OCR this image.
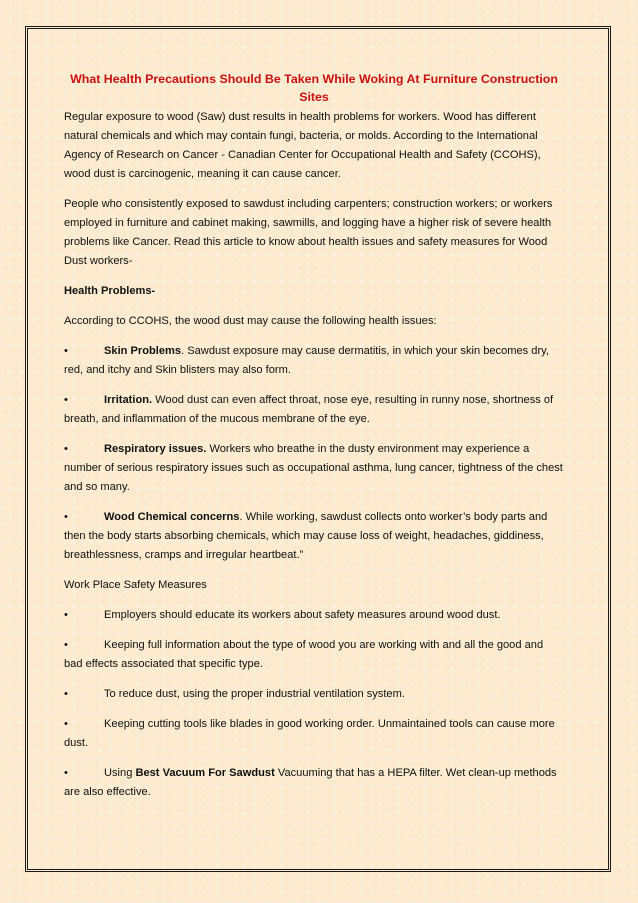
What Health Precautions Should Be Taken While Woking At Furniture Construction Sites

Regular exposure to wood (Saw) dust results in health problems for workers. Wood has different natural chemicals and which may contain fungi, bacteria, or molds. According to the International Agency of Research on Cancer - Canadian Center for Occupational Health and Safety (CCOHS), wood dust is carcinogenic, meaning it can cause cancer.

People who consistently exposed to sawdust including carpenters; construction workers; or workers employed in furniture and cabinet making, sawmills, and logging have a higher risk of severe health problems like Cancer. Read this article to know about health issues and safety measures for Wood Dust workers-

Health Problems-

According to CCOHS, the wood dust may cause the following health issues:

•	Skin Problems. Sawdust exposure may cause dermatitis, in which your skin becomes dry, red, and itchy and Skin blisters may also form.

•	Irritation. Wood dust can even affect throat, nose eye, resulting in runny nose, shortness of breath, and inflammation of the mucous membrane of the eye.

•	Respiratory issues. Workers who breathe in the dusty environment may experience a number of serious respiratory issues such as occupational asthma, lung cancer, tightness of the chest and so many.

•	Wood Chemical concerns. While working, sawdust collects onto worker’s body parts and then the body starts absorbing chemicals, which may cause loss of weight, headaches, giddiness, breathlessness, cramps and irregular heartbeat.”

Work Place Safety Measures

•	Employers should educate its workers about safety measures around wood dust.

•	Keeping full information about the type of wood you are working with and all the good and bad effects associated that specific type.

•	To reduce dust, using the proper industrial ventilation system.

•	Keeping cutting tools like blades in good working order. Unmaintained tools can cause more dust.

•	Using Best Vacuum For Sawdust Vacuuming that has a HEPA filter. Wet clean-up methods are also effective.
